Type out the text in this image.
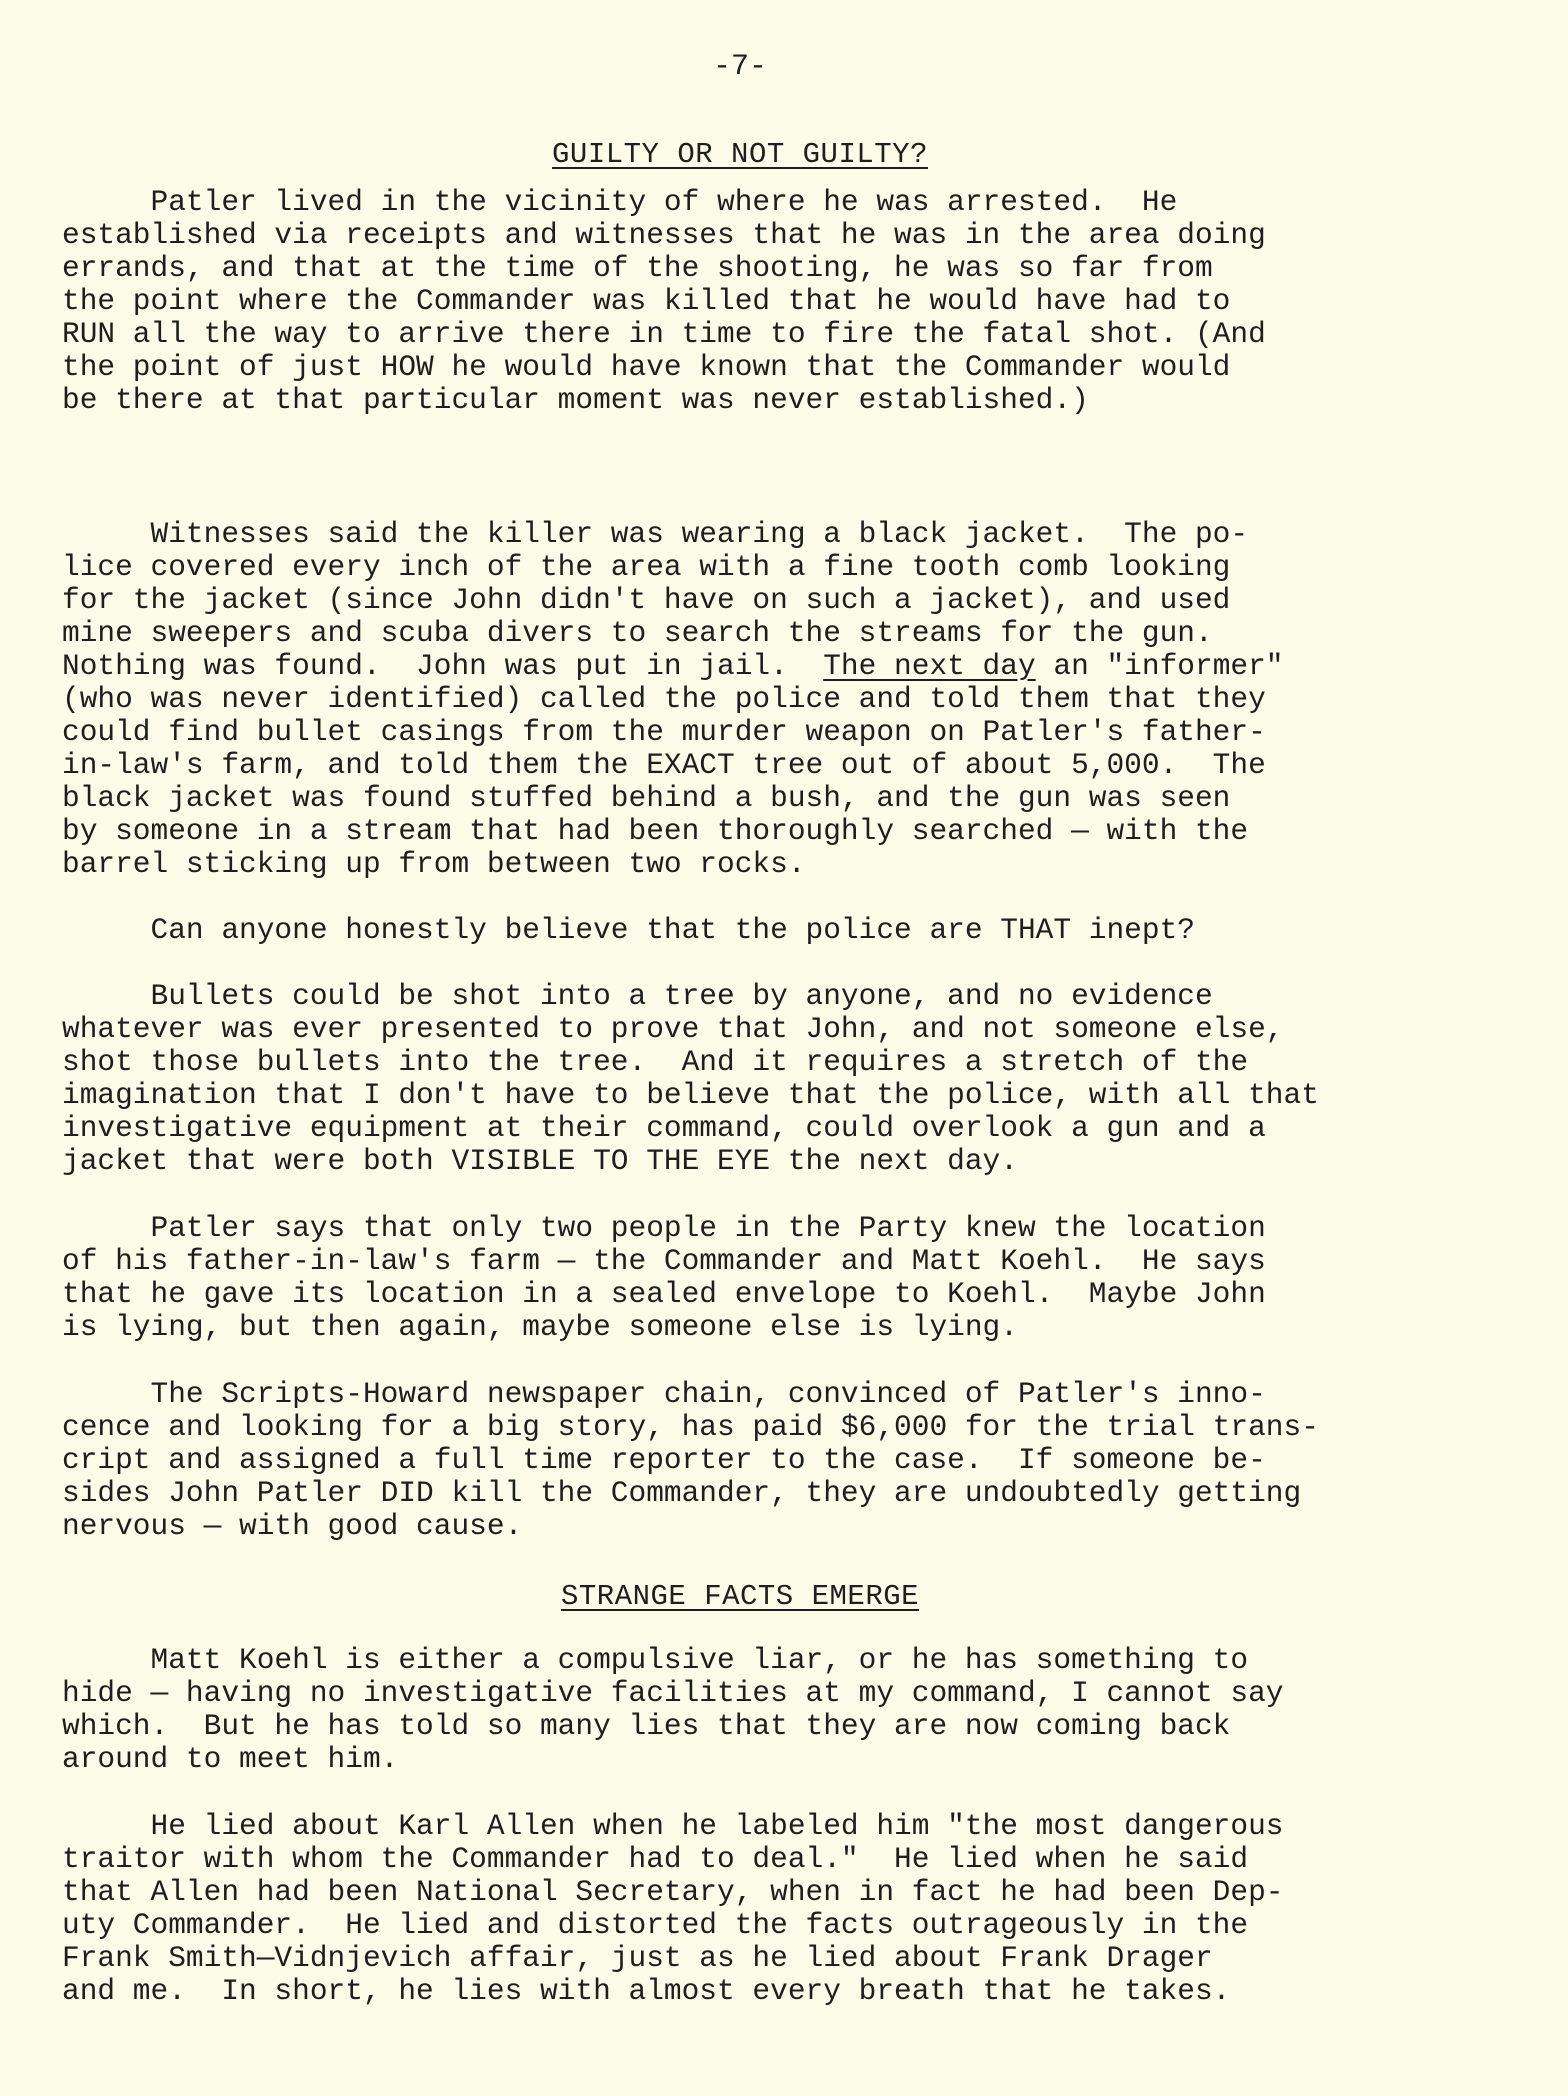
-7-
GUILTY OR NOT GUILTY?
Patler lived in the vicinity of where he was arrested.  He
established via receipts and witnesses that he was in the area doing
errands, and that at the time of the shooting, he was so far from
the point where the Commander was killed that he would have had to
RUN all the way to arrive there in time to fire the fatal shot. (And
the point of just HOW he would have known that the Commander would
be there at that particular moment was never established.)
Witnesses said the killer was wearing a black jacket.  The po-
lice covered every inch of the area with a fine tooth comb looking
for the jacket (since John didn't have on such a jacket), and used
mine sweepers and scuba divers to search the streams for the gun.
Nothing was found.  John was put in jail.  The next day an "informer"
(who was never identified) called the police and told them that they
could find bullet casings from the murder weapon on Patler's father-
in-law's farm, and told them the EXACT tree out of about 5,000.  The
black jacket was found stuffed behind a bush, and the gun was seen
by someone in a stream that had been thoroughly searched — with the
barrel sticking up from between two rocks.
Can anyone honestly believe that the police are THAT inept?
Bullets could be shot into a tree by anyone, and no evidence
whatever was ever presented to prove that John, and not someone else,
shot those bullets into the tree.  And it requires a stretch of the
imagination that I don't have to believe that the police, with all that
investigative equipment at their command, could overlook a gun and a
jacket that were both VISIBLE TO THE EYE the next day.
Patler says that only two people in the Party knew the location
of his father-in-law's farm — the Commander and Matt Koehl.  He says
that he gave its location in a sealed envelope to Koehl.  Maybe John
is lying, but then again, maybe someone else is lying.
The Scripts-Howard newspaper chain, convinced of Patler's inno-
cence and looking for a big story, has paid $6,000 for the trial trans-
cript and assigned a full time reporter to the case.  If someone be-
sides John Patler DID kill the Commander, they are undoubtedly getting
nervous — with good cause.
STRANGE FACTS EMERGE
Matt Koehl is either a compulsive liar, or he has something to
hide — having no investigative facilities at my command, I cannot say
which.  But he has told so many lies that they are now coming back
around to meet him.
He lied about Karl Allen when he labeled him "the most dangerous
traitor with whom the Commander had to deal."  He lied when he said
that Allen had been National Secretary, when in fact he had been Dep-
uty Commander.  He lied and distorted the facts outrageously in the
Frank Smith—Vidnjevich affair, just as he lied about Frank Drager
and me.  In short, he lies with almost every breath that he takes.
